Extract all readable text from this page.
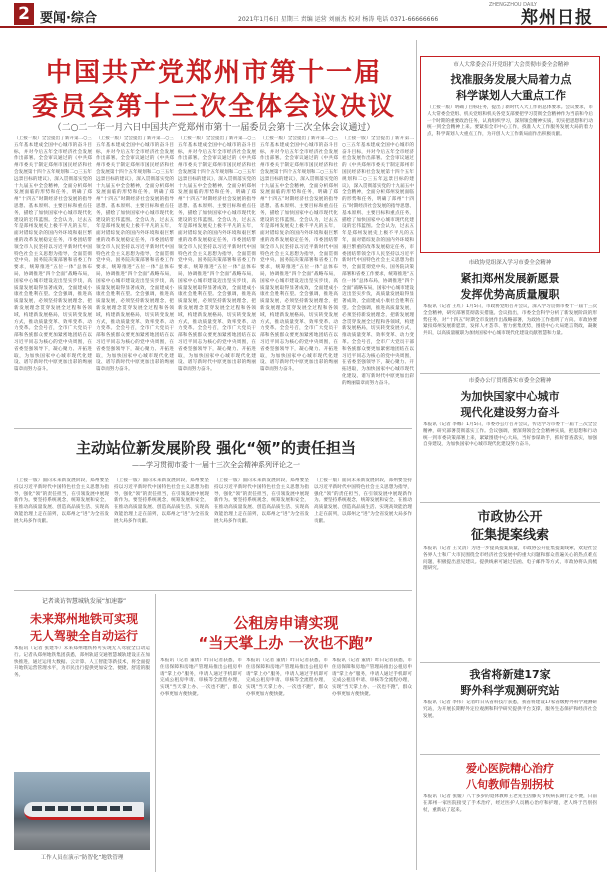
2 要闻·综合	2021年1月6日 星期三 责编 运营 刘丽杰 校对 杨涛 电话 0371-66666666
ZHENGZHOU DAILY
郑州日报
中国共产党郑州市第十一届
委员会第十三次全体会议决议
（二○二一年一月六日中国共产党郑州市第十一届委员会第十三次全体会议通过）
（上接一版）全会提出了新开第二○三五年基本建成全国中心城市的奋斗目标，并对今后五年全市经济社会发展作出部署。全会审议通过的《中共郑州市委关于制定郑州市国民经济和社会发展第十四个五年规划和二○三五年远景目标的建议》，深入贯彻落实党的十九届五中全会精神，全面分析郑州发展面临的形势和任务，明确了郑州“十四五”时期经济社会发展的指导思想、基本原则、主要目标和重点任务，描绘了加快国家中心城市现代化建设的宏伟蓝图。全会认为，过去五年是郑州发展史上极不平凡的五年，面对错综复杂的国内外环境和艰巨繁重的改革发展稳定任务，市委团结带领全市人民坚持以习近平新时代中国特色社会主义思想为指导，全面贯彻党中央、国务院决策部署和省委工作要求，统筹推进“五位一体”总体布局，协调推进“四个全面”战略布局，国家中心城市建设迈出坚实步伐，高质量发展取得显著成效，全面建成小康社会胜利在望。全会强调，推进高质量发展，必须坚持新发展理念，把新发展理念贯穿发展全过程和各领域，构建新发展格局，切实转变发展方式，推动质量变革、效率变革、动力变革。全会号召，全市广大党员干部和各族群众要更加紧密地团结在以习近平同志为核心的党中央周围，在省委坚强领导下，凝心聚力、开拓进取，为加快国家中心城市现代化建设、谱写新时代中原更加出彩的绚丽篇章而努力奋斗。
（上接一版）全会提出了新开第二○三五年基本建成全国中心城市的奋斗目标，并对今后五年全市经济社会发展作出部署。全会审议通过的《中共郑州市委关于制定郑州市国民经济和社会发展第十四个五年规划和二○三五年远景目标的建议》，深入贯彻落实党的十九届五中全会精神，全面分析郑州发展面临的形势和任务，明确了郑州“十四五”时期经济社会发展的指导思想、基本原则、主要目标和重点任务，描绘了加快国家中心城市现代化建设的宏伟蓝图。全会认为，过去五年是郑州发展史上极不平凡的五年，面对错综复杂的国内外环境和艰巨繁重的改革发展稳定任务，市委团结带领全市人民坚持以习近平新时代中国特色社会主义思想为指导，全面贯彻党中央、国务院决策部署和省委工作要求，统筹推进“五位一体”总体布局，协调推进“四个全面”战略布局，国家中心城市建设迈出坚实步伐，高质量发展取得显著成效，全面建成小康社会胜利在望。全会强调，推进高质量发展，必须坚持新发展理念，把新发展理念贯穿发展全过程和各领域，构建新发展格局，切实转变发展方式，推动质量变革、效率变革、动力变革。全会号召，全市广大党员干部和各族群众要更加紧密地团结在以习近平同志为核心的党中央周围，在省委坚强领导下，凝心聚力、开拓进取，为加快国家中心城市现代化建设、谱写新时代中原更加出彩的绚丽篇章而努力奋斗。
（上接一版）全会提出了新开第二○三五年基本建成全国中心城市的奋斗目标，并对今后五年全市经济社会发展作出部署。全会审议通过的《中共郑州市委关于制定郑州市国民经济和社会发展第十四个五年规划和二○三五年远景目标的建议》，深入贯彻落实党的十九届五中全会精神，全面分析郑州发展面临的形势和任务，明确了郑州“十四五”时期经济社会发展的指导思想、基本原则、主要目标和重点任务，描绘了加快国家中心城市现代化建设的宏伟蓝图。全会认为，过去五年是郑州发展史上极不平凡的五年，面对错综复杂的国内外环境和艰巨繁重的改革发展稳定任务，市委团结带领全市人民坚持以习近平新时代中国特色社会主义思想为指导，全面贯彻党中央、国务院决策部署和省委工作要求，统筹推进“五位一体”总体布局，协调推进“四个全面”战略布局，国家中心城市建设迈出坚实步伐，高质量发展取得显著成效，全面建成小康社会胜利在望。全会强调，推进高质量发展，必须坚持新发展理念，把新发展理念贯穿发展全过程和各领域，构建新发展格局，切实转变发展方式，推动质量变革、效率变革、动力变革。全会号召，全市广大党员干部和各族群众要更加紧密地团结在以习近平同志为核心的党中央周围，在省委坚强领导下，凝心聚力、开拓进取，为加快国家中心城市现代化建设、谱写新时代中原更加出彩的绚丽篇章而努力奋斗。
（上接一版）全会提出了新开第二○三五年基本建成全国中心城市的奋斗目标，并对今后五年全市经济社会发展作出部署。全会审议通过的《中共郑州市委关于制定郑州市国民经济和社会发展第十四个五年规划和二○三五年远景目标的建议》，深入贯彻落实党的十九届五中全会精神，全面分析郑州发展面临的形势和任务，明确了郑州“十四五”时期经济社会发展的指导思想、基本原则、主要目标和重点任务，描绘了加快国家中心城市现代化建设的宏伟蓝图。全会认为，过去五年是郑州发展史上极不平凡的五年，面对错综复杂的国内外环境和艰巨繁重的改革发展稳定任务，市委团结带领全市人民坚持以习近平新时代中国特色社会主义思想为指导，全面贯彻党中央、国务院决策部署和省委工作要求，统筹推进“五位一体”总体布局，协调推进“四个全面”战略布局，国家中心城市建设迈出坚实步伐，高质量发展取得显著成效，全面建成小康社会胜利在望。全会强调，推进高质量发展，必须坚持新发展理念，把新发展理念贯穿发展全过程和各领域，构建新发展格局，切实转变发展方式，推动质量变革、效率变革、动力变革。全会号召，全市广大党员干部和各族群众要更加紧密地团结在以习近平同志为核心的党中央周围，在省委坚强领导下，凝心聚力、开拓进取，为加快国家中心城市现代化建设、谱写新时代中原更加出彩的绚丽篇章而努力奋斗。
（上接一版）全会提出了新开第二○三五年基本建成全国中心城市的奋斗目标，并对今后五年全市经济社会发展作出部署。全会审议通过的《中共郑州市委关于制定郑州市国民经济和社会发展第十四个五年规划和二○三五年远景目标的建议》，深入贯彻落实党的十九届五中全会精神，全面分析郑州发展面临的形势和任务，明确了郑州“十四五”时期经济社会发展的指导思想、基本原则、主要目标和重点任务，描绘了加快国家中心城市现代化建设的宏伟蓝图。全会认为，过去五年是郑州发展史上极不平凡的五年，面对错综复杂的国内外环境和艰巨繁重的改革发展稳定任务，市委团结带领全市人民坚持以习近平新时代中国特色社会主义思想为指导，全面贯彻党中央、国务院决策部署和省委工作要求，统筹推进“五位一体”总体布局，协调推进“四个全面”战略布局，国家中心城市建设迈出坚实步伐，高质量发展取得显著成效，全面建成小康社会胜利在望。全会强调，推进高质量发展，必须坚持新发展理念，把新发展理念贯穿发展全过程和各领域，构建新发展格局，切实转变发展方式，推动质量变革、效率变革、动力变革。全会号召，全市广大党员干部和各族群众要更加紧密地团结在以习近平同志为核心的党中央周围，在省委坚强领导下，凝心聚力、开拓进取，为加快国家中心城市现代化建设、谱写新时代中原更加出彩的绚丽篇章而努力奋斗。
市人大常委会召开党组扩大会贯彻市委全会精神
找准服务发展大局着力点
科学谋划人大重点工作
（上接一版）明确了目标任务，提出了新时代人大工作的总体要求。会议要求，市人大常委会党组、机关党组和机关各党支部要把学习贯彻全会精神作为当前和今后一个时期的重要政治任务，认真组织学习，深刻领会精神实质，切实把思想和行动统一到全会精神上来。要紧扣全市中心工作，找准人大工作服务发展大局的着力点，科学谋划人大重点工作，为开创人大工作新局面作出积极贡献。
市政协党组深入学习市委全会精神
紧扣郑州发展新愿景
发挥优势高质量履职
本报讯（记者 王红）1月5日，市政协党组召开会议，深入学习贯彻市委十一届十三次全会精神，研究部署贯彻落实措施。会议指出，市委全会科学分析了新发展阶段的形势任务，对“十四五”时期全市发展作出战略部署，为政协工作指明了方向。市政协要紧扣郑州发展新愿景，发挥人才荟萃、智力密集优势，围绕中心大局建言资政，凝聚共识，以高质量履职为加快国家中心城市现代化建设贡献智慧和力量。
市委办公厅贯彻落实市委全会精神
为加快国家中心城市
现代化建设努力奋斗
本报讯（记者 李娜）1月5日，市委办公厅召开会议，传达学习市委十一届十三次全会精神，研究部署贯彻落实工作。会议强调，要深刻领会全会精神实质，把思想和行动统一到市委决策部署上来，紧紧围绕中心大局，当好参谋助手，抓好督查落实，加强自身建设，为加快国家中心城市现代化建设努力奋斗。
市政协公开
征集提案线索
本报讯（记者 王文清）为进一步提高提案质量，市政协公开征集提案线索，欢迎社会各界人士和广大市民围绕全市经济社会发展中的重大问题和群众普遍关心的热点难点问题，积极提出意见建议。提供线索可通过信函、电子邮件等方式，市政协将认真梳理研究。
我省将新建17家
野外科学观测研究站
本报讯（记者 李伟）记者昨日从省科技厅获悉，我省将建设17家省级野外科学观测研究站，为开展长期野外定位观测和科学研究提供平台支撑，服务生态保护和经济社会发展。
爱心医院精心治疗
八旬教师告别拐杖
本报讯（记者 张媛）八十多岁的退休教师王老先生因膝关节疾病长期行走不便，日前在郑州一家医院接受了手术治疗，经过医护人员精心治疗和护理，老人终于告别拐杖，重新站了起来。
主动站位新发展阶段 强化“领”的责任担当
——学习贯彻市委十一届十三次全会精神系列评论之一
（上接一版）面向未来新发展阶段，郑州要坚持以习近平新时代中国特色社会主义思想为指导，强化“领”的责任担当，在引领发展中展现新作为。要坚持系统观念，统筹发展和安全，在推动高质量发展、创造高品质生活、实现高效能治理上走在前列，以郑州之“进”为全省发展大局多作贡献。
（上接一版）面向未来新发展阶段，郑州要坚持以习近平新时代中国特色社会主义思想为指导，强化“领”的责任担当，在引领发展中展现新作为。要坚持系统观念，统筹发展和安全，在推动高质量发展、创造高品质生活、实现高效能治理上走在前列，以郑州之“进”为全省发展大局多作贡献。
（上接一版）面向未来新发展阶段，郑州要坚持以习近平新时代中国特色社会主义思想为指导，强化“领”的责任担当，在引领发展中展现新作为。要坚持系统观念，统筹发展和安全，在推动高质量发展、创造高品质生活、实现高效能治理上走在前列，以郑州之“进”为全省发展大局多作贡献。
（上接一版）面向未来新发展阶段，郑州要坚持以习近平新时代中国特色社会主义思想为指导，强化“领”的责任担当，在引领发展中展现新作为。要坚持系统观念，统筹发展和安全，在推动高质量发展、创造高品质生活、实现高效能治理上走在前列，以郑州之“进”为全省发展大局多作贡献。
记者谈访智慧城轨发展“加速器”
未来郑州地铁可实现
无人驾驶全自动运行
本报讯（记者 张建华）未来郑州地铁将可实现无人驾驶全自动运行。记者从郑州地铁集团获悉，郑州轨道交通智慧城轨建设正在加快推进，通过运用大数据、云计算、人工智能等新技术，将全面提升地铁运营管理水平，为市民出行提供更加安全、便捷、舒适的服务。
工作人员在演示“防智化”地铁管理
公租房申请实现
“当天掌上办 一次也不跑”
本报讯（记者 董倩）昨日记者获悉，市住房保障和房地产管理局推出公租房申请“掌上办”服务，申请人通过手机即可完成公租房申请、审核等全流程办理，实现“当天掌上办、一次也不跑”，群众办事更加方便快捷。
本报讯（记者 董倩）昨日记者获悉，市住房保障和房地产管理局推出公租房申请“掌上办”服务，申请人通过手机即可完成公租房申请、审核等全流程办理，实现“当天掌上办、一次也不跑”，群众办事更加方便快捷。
本报讯（记者 董倩）昨日记者获悉，市住房保障和房地产管理局推出公租房申请“掌上办”服务，申请人通过手机即可完成公租房申请、审核等全流程办理，实现“当天掌上办、一次也不跑”，群众办事更加方便快捷。
